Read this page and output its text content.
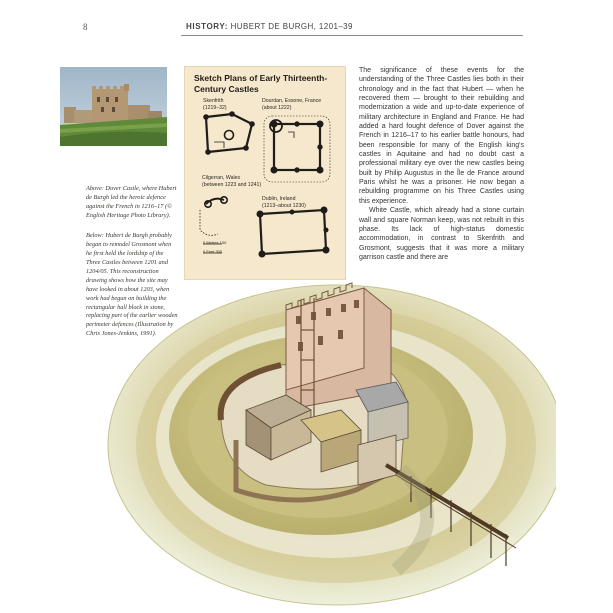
8	HISTORY: HUBERT DE BURGH, 1201–39
Above: Dover Castle, where Hubert de Burgh led the heroic defence against the French in 1216–17 (© English Heritage Photo Library).
Below: Hubert de Burgh probably began to remodel Grosmont when he first held the lordship of the Three Castles between 1201 and 1204/05. This reconstruction drawing shows how the site may have looked in about 1203, when work had begun on building the rectangular hall block in stone, replacing part of the earlier wooden perimeter defences (Illustration by Chris Jones-Jenkins, 1991).
Sketch Plans of Early Thirteenth-Century Castles
Skenfrith
(1219–32)
Dourdan, Essone, France
(about 1222)
Cilgerran, Wales
(between 1223 and 1241)
Dublin, Ireland
(1213–about 1230)
0 Metres 100
0 Feet 300

The significance of these events for the understanding of the Three Castles lies both in their chronology and in the fact that Hubert — when he recovered them — brought to their rebuilding and modernization a wide and up-to-date experience of military architecture in England and France. He had added a hard fought defence of Dover against the French in 1216–17 to his earlier battle honours, had been responsible for many of the English king's castles in Aquitaine and had no doubt cast a professional military eye over the new castles being built by Philip Augustus in the Île de France around Paris whilst he was a prisoner. He now began a rebuilding programme on his Three Castles using this experience.

White Castle, which already had a stone curtain wall and square Norman keep, was not rebuilt in this phase. Its lack of high-status domestic accommodation, in contrast to Skenfrith and Grosmont, suggests that it was more a military garrison castle and there are
